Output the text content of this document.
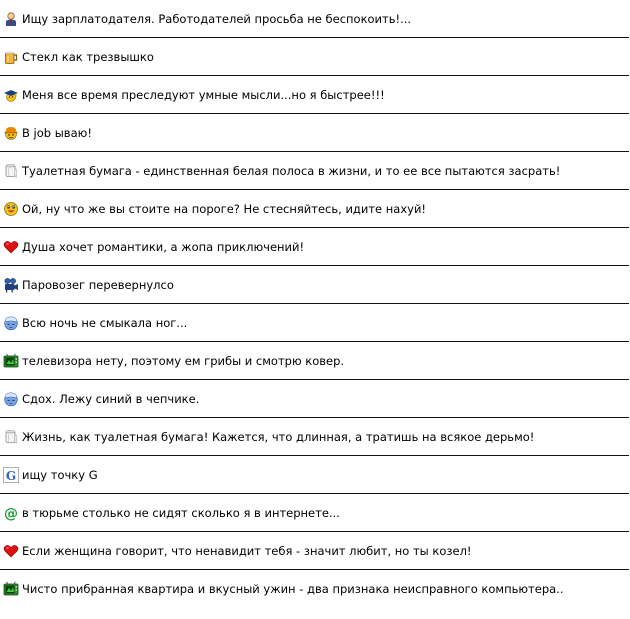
Ищу зарплатодателя. Работодателей просьба не беспокоить!...
Стекл как трезвышко
Меня все время преследуют умные мысли...но я быстрее!!!
В job ываю!
Туалетная бумага - единственная белая полоса в жизни, и то ее все пытаются засрать!
Ой, ну что же вы стоите на пороге? Не стесняйтесь, идите нахуй!
Душа хочет романтики, а жопа приключений!
Паровозег перевернулсо
Всю ночь не смыкала ног...
телевизора нету, поэтому ем грибы и смотрю ковер.
Сдох. Лежу синий в чепчике.
Жизнь, как туалетная бумага! Кажется, что длинная, а тратишь на всякое дерьмо!
G ищу точку G
@ в тюрьме столько не сидят сколько я в интернете...
Если женщина говорит, что ненавидит тебя - значит любит, но ты козел!
Чисто прибранная квартира и вкусный ужин - два признака неисправного компьютера..
